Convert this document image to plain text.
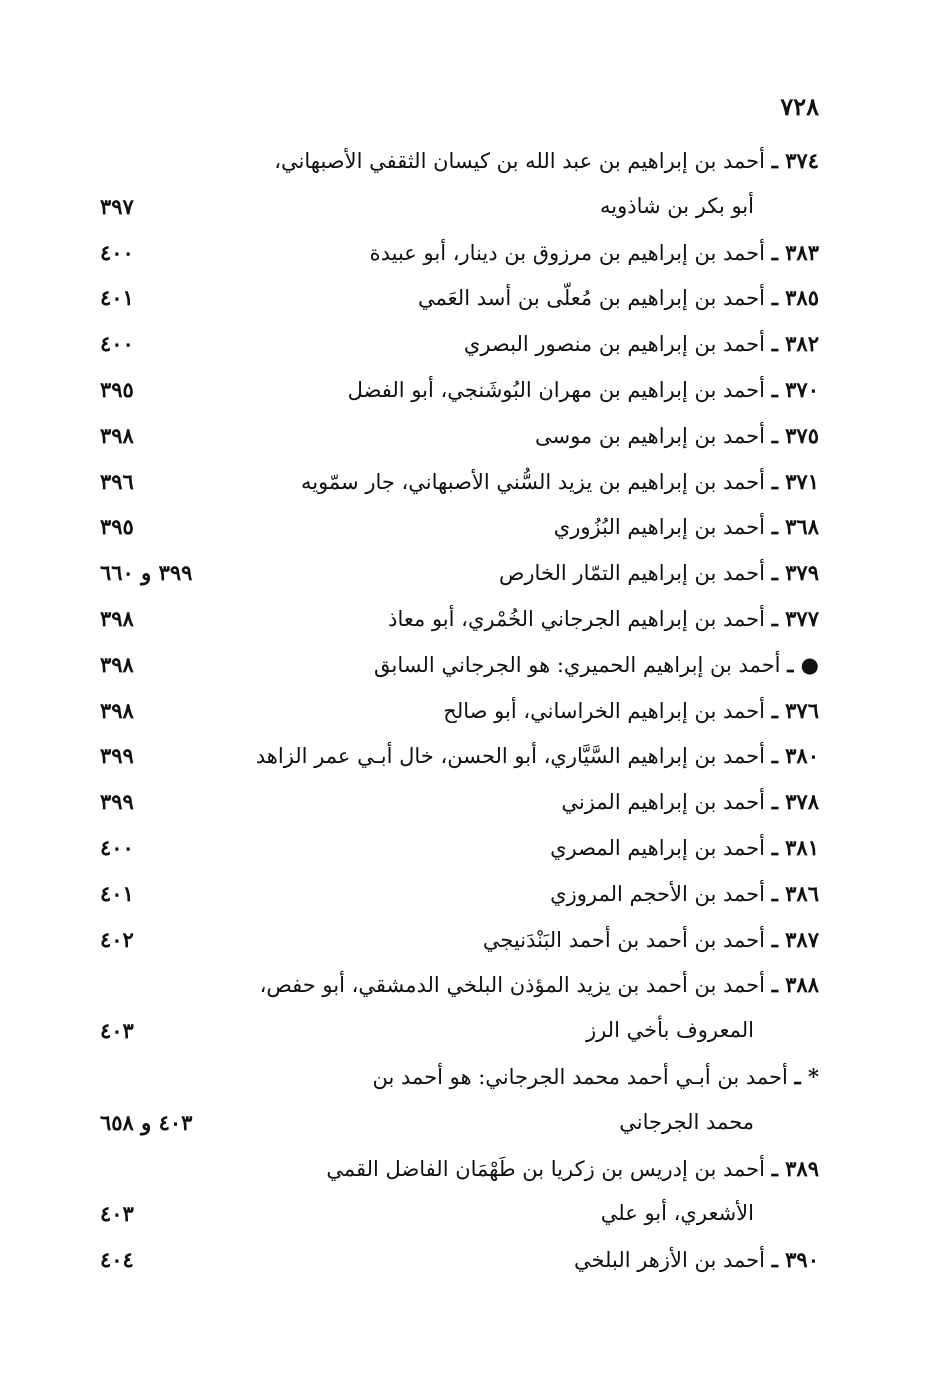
٧٢٨
٣٧٤ ـ أحمد بن إبراهيم بن عبد الله بن كيسان الثقفي الأصبهاني،
أبو بكر بن شاذويه
٣٩٧
٣٨٣ ـ أحمد بن إبراهيم بن مرزوق بن دينار، أبو عبيدة
٤٠٠
٣٨٥ ـ أحمد بن إبراهيم بن مُعلّى بن أسد العَمي
٤٠١
٣٨٢ ـ أحمد بن إبراهيم بن منصور البصري
٤٠٠
٣٧٠ ـ أحمد بن إبراهيم بن مهران البُوشَنجي، أبو الفضل
٣٩٥
٣٧٥ ـ أحمد بن إبراهيم بن موسى
٣٩٨
٣٧١ ـ أحمد بن إبراهيم بن يزيد السُّني الأصبهاني، جار سمّويه
٣٩٦
٣٦٨ ـ أحمد بن إبراهيم البُزُوري
٣٩٥
٣٧٩ ـ أحمد بن إبراهيم التمّار الخارص
٣٩٩ و ٦٦٠
٣٧٧ ـ أحمد بن إبراهيم الجرجاني الخُمْري، أبو معاذ
٣٩٨
● ـ أحمد بن إبراهيم الحميري: هو الجرجاني السابق
٣٩٨
٣٧٦ ـ أحمد بن إبراهيم الخراساني، أبو صالح
٣٩٨
٣٨٠ ـ أحمد بن إبراهيم السَّيَّاري، أبو الحسن، خال أبـي عمر الزاهد
٣٩٩
٣٧٨ ـ أحمد بن إبراهيم المزني
٣٩٩
٣٨١ ـ أحمد بن إبراهيم المصري
٤٠٠
٣٨٦ ـ أحمد بن الأحجم المروزي
٤٠١
٣٨٧ ـ أحمد بن أحمد بن أحمد البَنْدَنيجي
٤٠٢
٣٨٨ ـ أحمد بن أحمد بن يزيد المؤذن البلخي الدمشقي، أبو حفص،
المعروف بأخي الرز
٤٠٣
* ـ أحمد بن أبـي أحمد محمد الجرجاني: هو أحمد بن
محمد الجرجاني
٤٠٣ و ٦٥٨
٣٨٩ ـ أحمد بن إدريس بن زكريا بن طَهْمَان الفاضل القمي
الأشعري، أبو علي
٤٠٣
٣٩٠ ـ أحمد بن الأزهر البلخي
٤٠٤
